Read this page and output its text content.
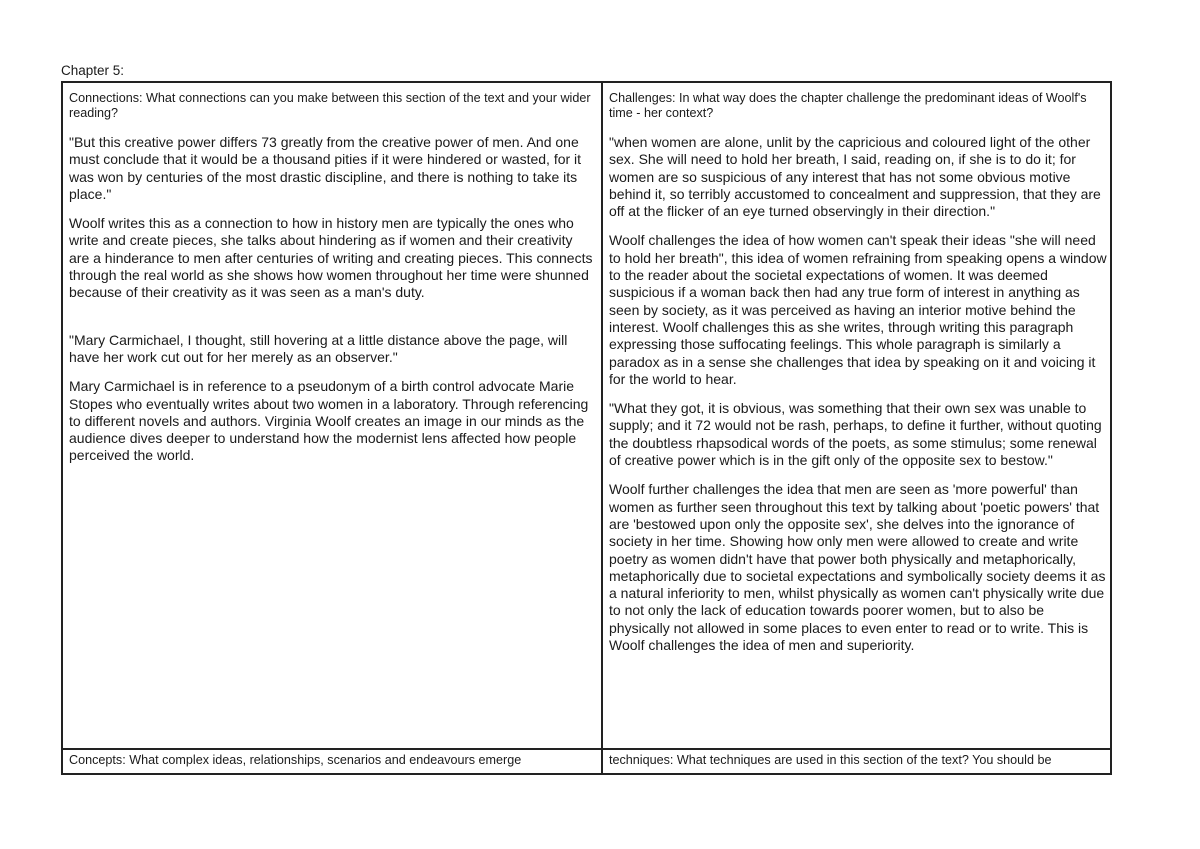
Chapter 5:

Connections: What connections can you make between this section of the text and your wider reading?

"But this creative power differs 73 greatly from the creative power of men. And one must conclude that it would be a thousand pities if it were hindered or wasted, for it was won by centuries of the most drastic discipline, and there is nothing to take its place."

Woolf writes this as a connection to how in history men are typically the ones who write and create pieces, she talks about hindering as if women and their creativity are a hinderance to men after centuries of writing and creating pieces. This connects through the real world as she shows how women throughout her time were shunned because of their creativity as it was seen as a man's duty.

"Mary Carmichael, I thought, still hovering at a little distance above the page, will have her work cut out for her merely as an observer."

Mary Carmichael is in reference to a pseudonym of a birth control advocate Marie Stopes who eventually writes about two women in a laboratory. Through referencing to different novels and authors. Virginia Woolf creates an image in our minds as the audience dives deeper to understand how the modernist lens affected how people perceived the world.

Challenges: In what way does the chapter challenge the predominant ideas of Woolf's time - her context?

"when women are alone, unlit by the capricious and coloured light of the other sex. She will need to hold her breath, I said, reading on, if she is to do it; for women are so suspicious of any interest that has not some obvious motive behind it, so terribly accustomed to concealment and suppression, that they are off at the flicker of an eye turned observingly in their direction."

Woolf challenges the idea of how women can't speak their ideas "she will need to hold her breath", this idea of women refraining from speaking opens a window to the reader about the societal expectations of women. It was deemed suspicious if a woman back then had any true form of interest in anything as seen by society, as it was perceived as having an interior motive behind the interest. Woolf challenges this as she writes, through writing this paragraph expressing those suffocating feelings. This whole paragraph is similarly a paradox as in a sense she challenges that idea by speaking on it and voicing it for the world to hear.

"What they got, it is obvious, was something that their own sex was unable to supply; and it 72 would not be rash, perhaps, to define it further, without quoting the doubtless rhapsodical words of the poets, as some stimulus; some renewal of creative power which is in the gift only of the opposite sex to bestow."

Woolf further challenges the idea that men are seen as 'more powerful' than women as further seen throughout this text by talking about 'poetic powers' that are 'bestowed upon only the opposite sex', she delves into the ignorance of society in her time. Showing how only men were allowed to create and write poetry as women didn't have that power both physically and metaphorically, metaphorically due to societal expectations and symbolically society deems it as a natural inferiority to men, whilst physically as women can't physically write due to not only the lack of education towards poorer women, but to also be physically not allowed in some places to even enter to read or to write. This is Woolf challenges the idea of men and superiority.

Concepts: What complex ideas, relationships, scenarios and endeavours emerge	techniques: What techniques are used in this section of the text? You should be
